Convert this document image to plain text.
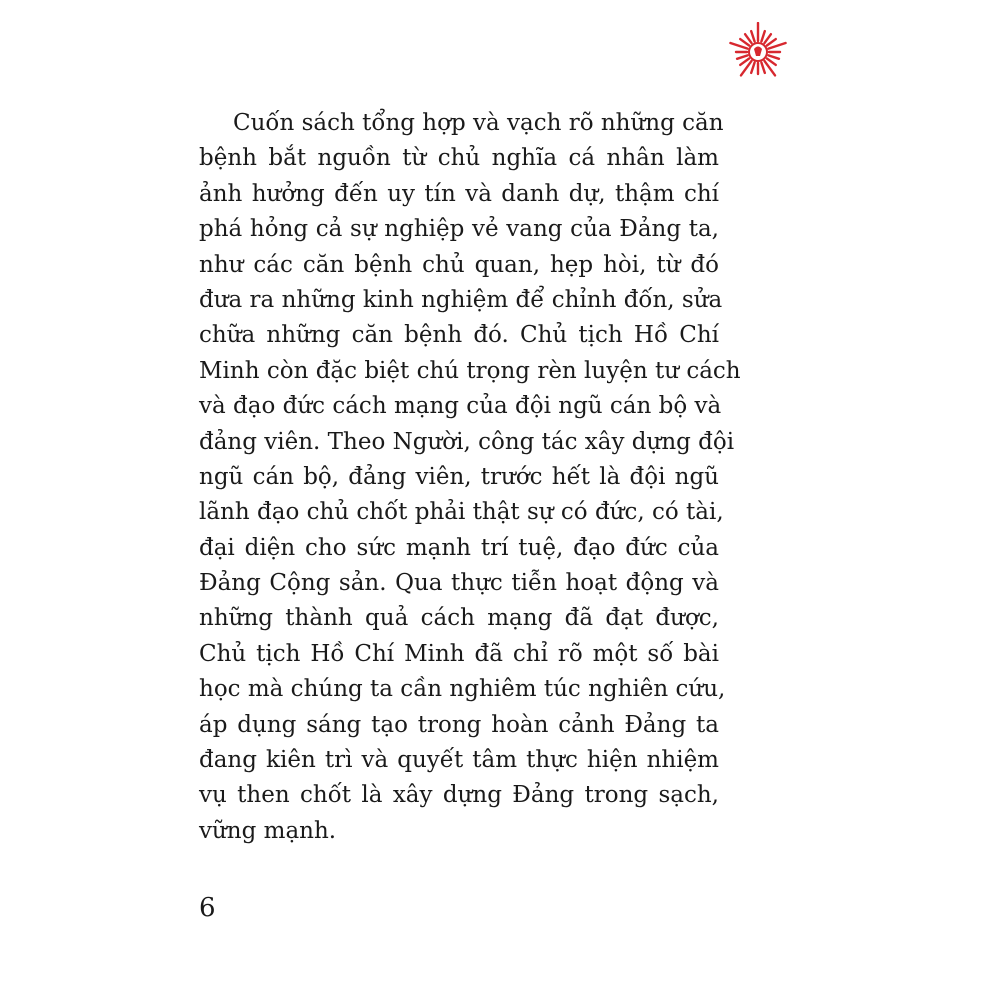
Cuốn sách tổng hợp và vạch rõ những căn
bệnh bắt nguồn từ chủ nghĩa cá nhân làm
ảnh hưởng đến uy tín và danh dự, thậm chí
phá hỏng cả sự nghiệp vẻ vang của Đảng ta,
như các căn bệnh chủ quan, hẹp hòi, từ đó
đưa ra những kinh nghiệm để chỉnh đốn, sửa
chữa những căn bệnh đó. Chủ tịch Hồ Chí
Minh còn đặc biệt chú trọng rèn luyện tư cách
và đạo đức cách mạng của đội ngũ cán bộ và
đảng viên. Theo Người, công tác xây dựng đội
ngũ cán bộ, đảng viên, trước hết là đội ngũ
lãnh đạo chủ chốt phải thật sự có đức, có tài,
đại diện cho sức mạnh trí tuệ, đạo đức của
Đảng Cộng sản. Qua thực tiễn hoạt động và
những thành quả cách mạng đã đạt được,
Chủ tịch Hồ Chí Minh đã chỉ rõ một số bài
học mà chúng ta cần nghiêm túc nghiên cứu,
áp dụng sáng tạo trong hoàn cảnh Đảng ta
đang kiên trì và quyết tâm thực hiện nhiệm
vụ then chốt là xây dựng Đảng trong sạch,
vững mạnh.
6
